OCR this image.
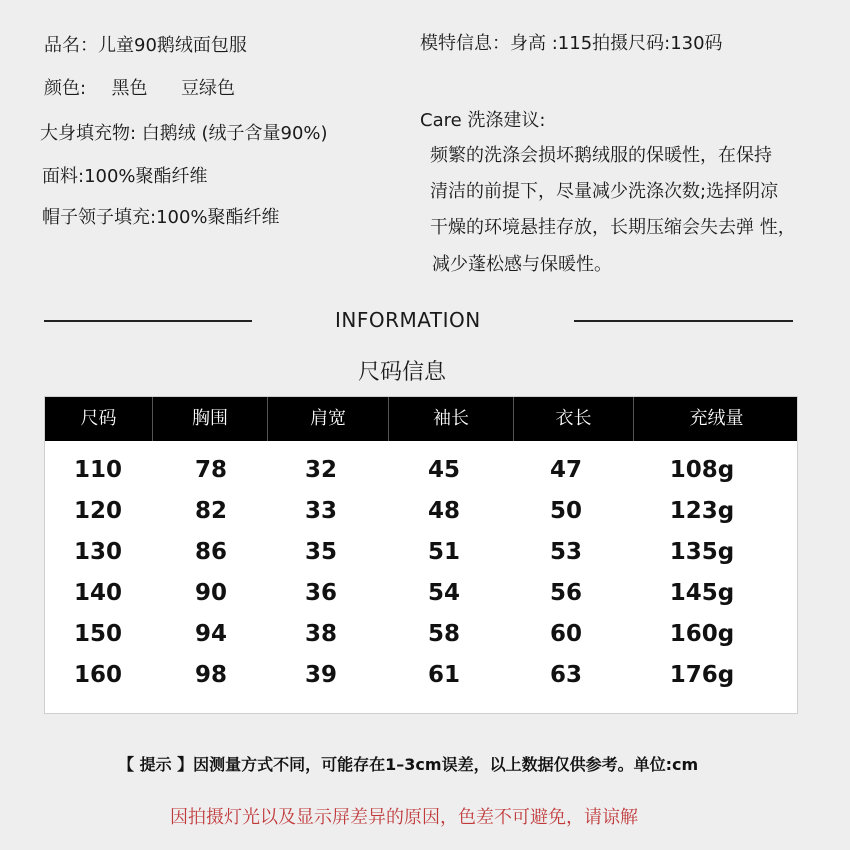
品名：儿童90鹅绒面包服
颜色: 黑色 豆绿色
大身填充物: 白鹅绒 (绒子含量90%)
面料:100%聚酯纤维
帽子领子填充:100%聚酯纤维
模特信息：身高 :115拍摄尺码:130码
Care 洗涤建议:
频繁的洗涤会损坏鹅绒服的保暖性，在保持
清洁的前提下，尽量减少洗涤次数;选择阴凉
干燥的环境悬挂存放，长期压缩会失去弹 性，
减少蓬松感与保暖性。
INFORMATION
尺码信息
尺码	胸围	肩宽	袖长	衣长	充绒量
110	78	32	45	47	108g
120	82	33	48	50	123g
130	86	35	51	53	135g
140	90	36	54	56	145g
150	94	38	58	60	160g
160	98	39	61	63	176g
【 提示 】因测量方式不同，可能存在1–3cm误差，以上数据仅供参考。单位:cm
因拍摄灯光以及显示屏差异的原因，色差不可避免，请谅解
